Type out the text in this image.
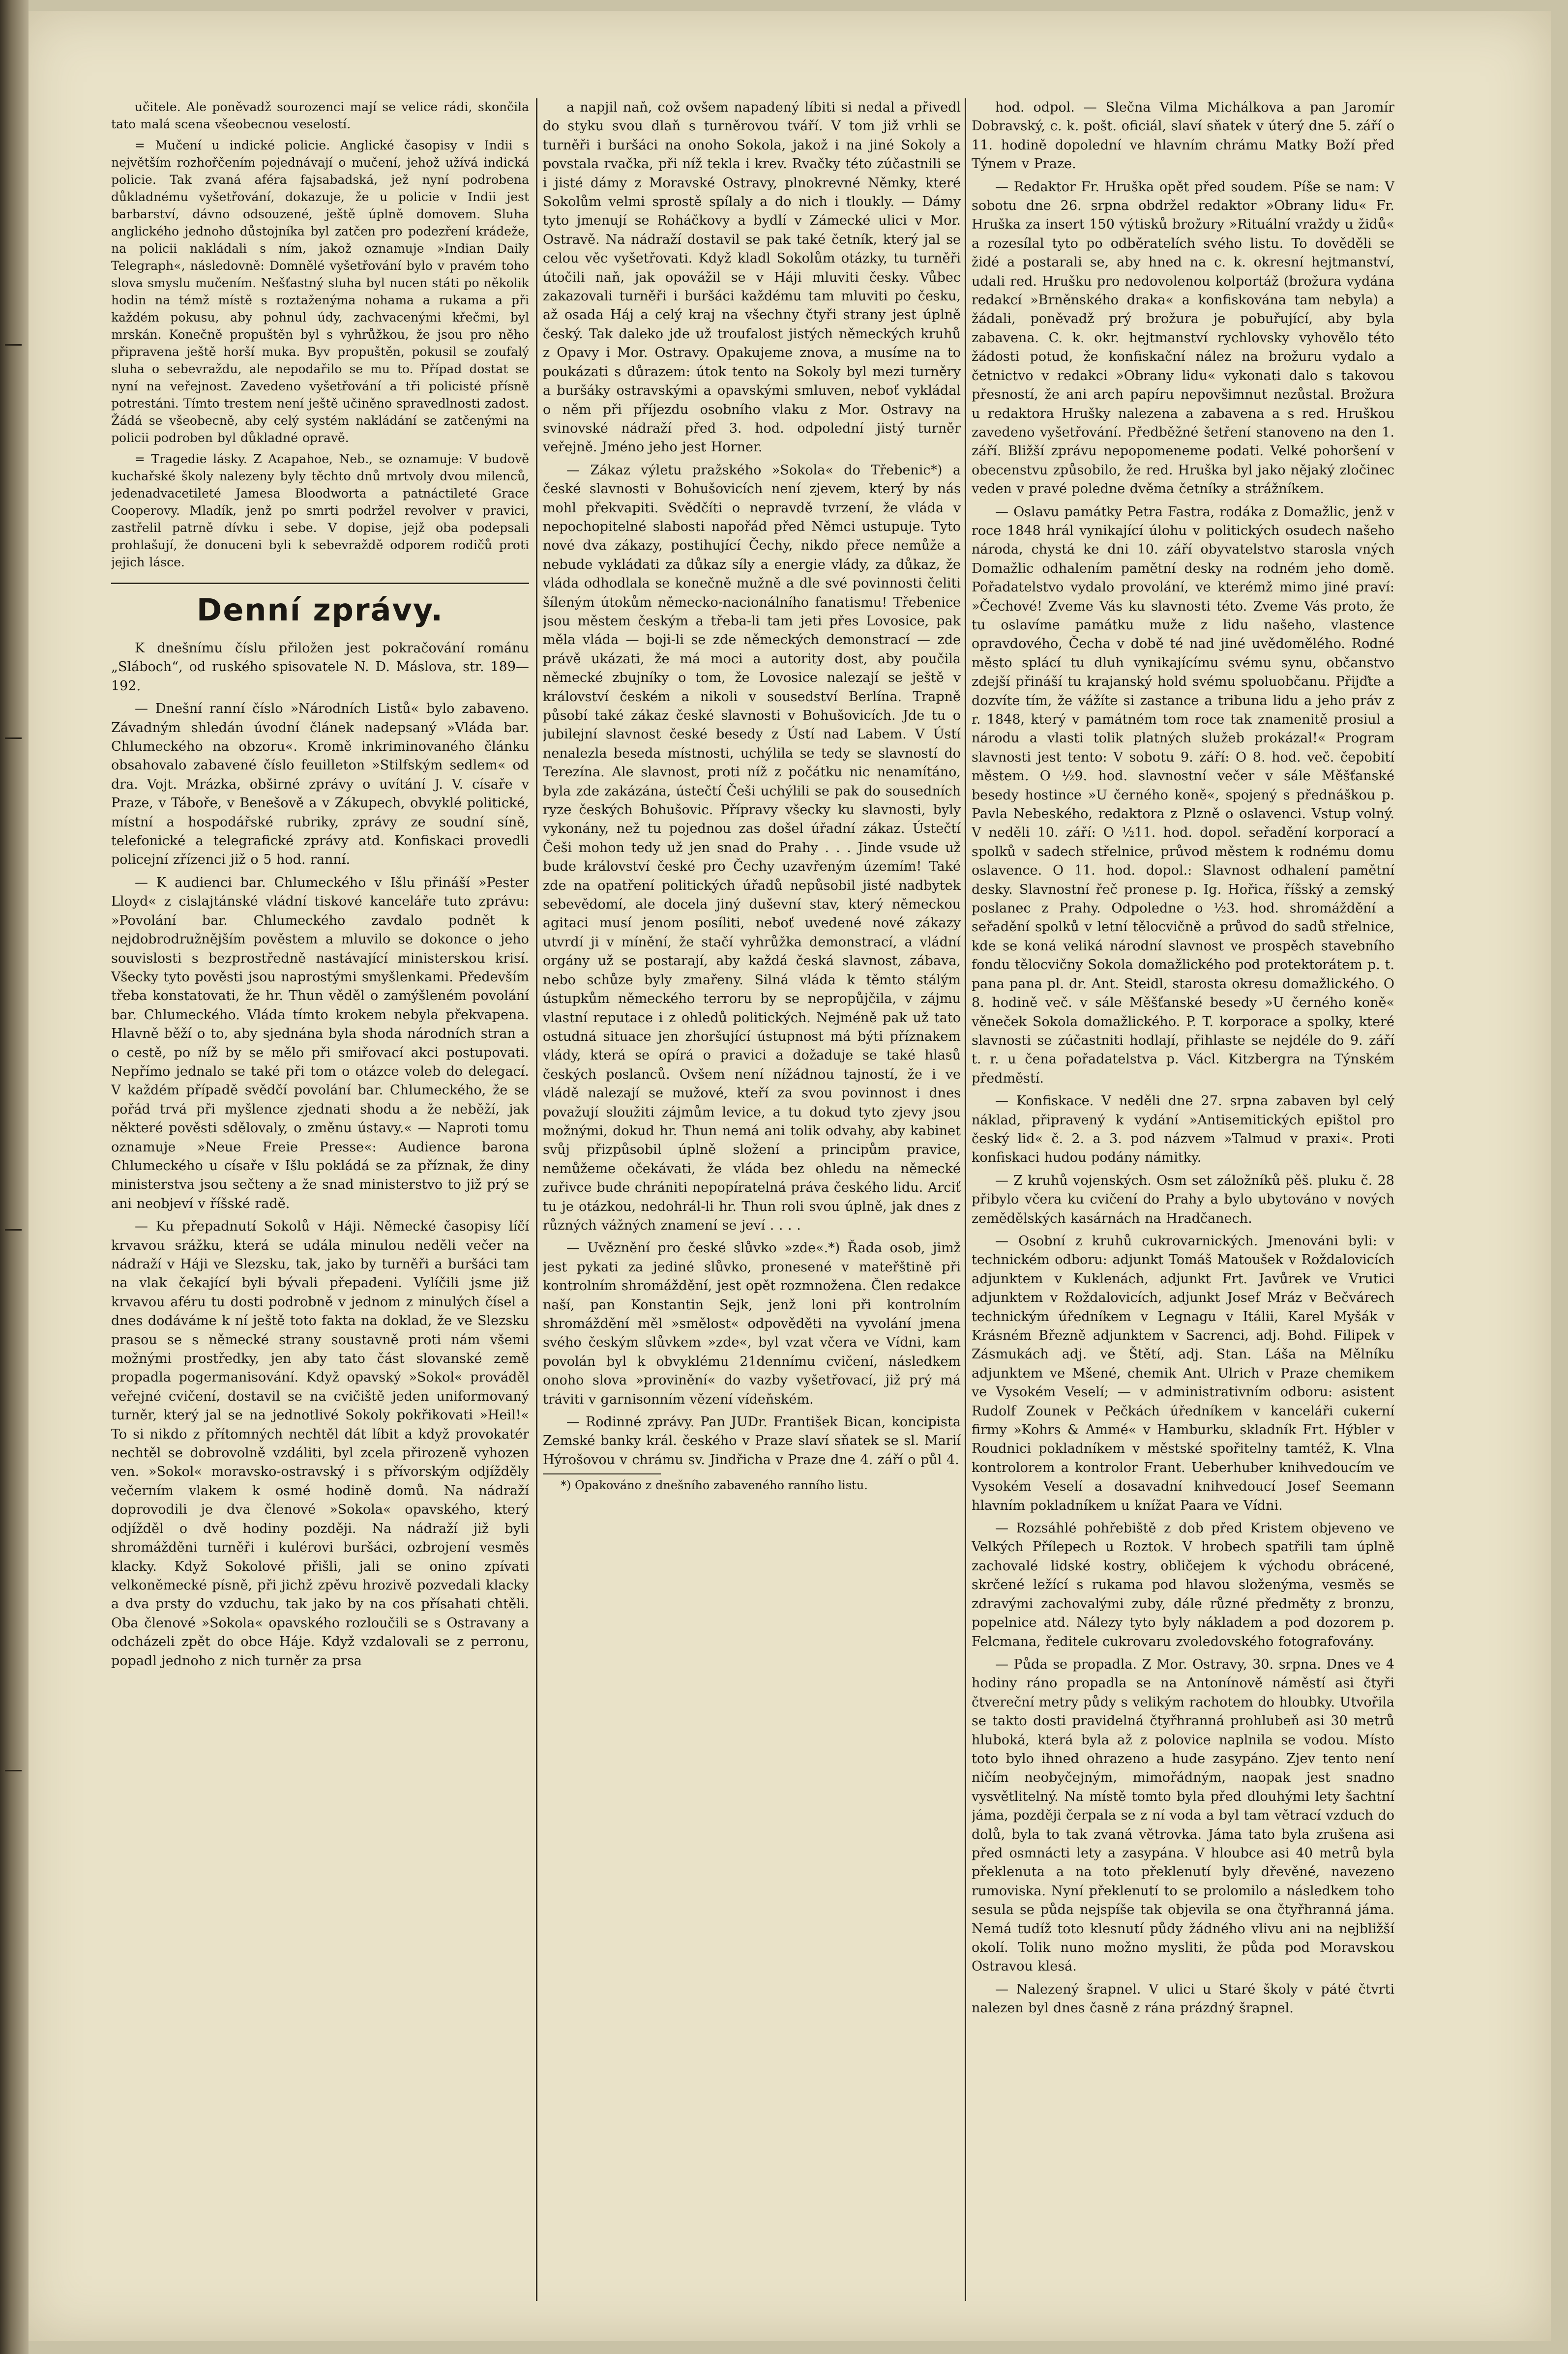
učitele. Ale poněvadž sourozenci mají se velice rádi, skončila tato malá scena všeobecnou veselostí.

= Mučení u indické policie. Anglické časopisy v Indii s největším rozhořčením pojednávají o mučení, jehož užívá indická policie. Tak zvaná aféra fajsabadská, jež nyní podrobena důkladnému vyšetřování, dokazuje, že u policie v Indii jest barbarství, dávno odsouzené, ještě úplně domovem. Sluha anglického jednoho důstojníka byl zatčen pro podezření krádeže, na policii nakládali s ním, jakož oznamuje »Indian Daily Telegraph«, následovně: Domnělé vyšetřování bylo v pravém toho slova smyslu mučením. Nešťastný sluha byl nucen státi po několik hodin na témž místě s roztaženýma nohama a rukama a při každém pokusu, aby pohnul údy, zachvacenými křečmi, byl mrskán. Konečně propuštěn byl s vyhrůžkou, že jsou pro něho připravena ještě horší muka. Byv propuštěn, pokusil se zoufalý sluha o sebevraždu, ale nepodařilo se mu to. Případ dostat se nyní na veřejnost. Zavedeno vyšetřování a tři policisté přísně potrestáni. Tímto trestem není ještě učiněno spravedlnosti zadost. Žádá se všeobecně, aby celý systém nakládání se zatčenými na policii podroben byl důkladné opravě.

= Tragedie lásky. Z Acapahoe, Neb., se oznamuje: V budově kuchařské školy nalezeny byly těchto dnů mrtvoly dvou milenců, jedenadvacetileté Jamesa Bloodworta a patnáctileté Grace Cooperovy. Mladík, jenž po smrti podržel revolver v pravici, zastřelil patrně dívku i sebe. V dopise, jejž oba podepsali prohlašují, že donuceni byli k sebevraždě odporem rodičů proti jejich lásce.

Denní zprávy.

K dnešnímu číslu přiložen jest pokračování románu „Sláboch“, od ruského spisovatele N. D. Máslova, str. 189—192.

— Dnešní ranní číslo »Národních Listů« bylo zabaveno. Závadným shledán úvodní článek nadepsaný »Vláda bar. Chlumeckého na obzoru«. Kromě inkriminovaného článku obsahovalo zabavené číslo feuilleton »Stilfským sedlem« od dra. Vojt. Mrázka, obširné zprávy o uvítání J. V. císaře v Praze, v Táboře, v Benešově a v Zákupech, obvyklé politické, místní a hospodářské rubriky, zprávy ze soudní síně, telefonické a telegrafické zprávy atd. Konfiskaci provedli policejní zřízenci již o 5 hod. ranní.

— K audienci bar. Chlumeckého v Išlu přináší »Pester Lloyd« z cislajtánské vládní tiskové kanceláře tuto zprávu: »Povolání bar. Chlumeckého zavdalo podnět k nejdobrodružnějším pověstem a mluvilo se dokonce o jeho souvislosti s bezprostředně nastávající ministerskou krisí. Všecky tyto pověsti jsou naprostými smyšlenkami. Především třeba konstatovati, že hr. Thun věděl o zamýšleném povolání bar. Chlumeckého. Vláda tímto krokem nebyla překvapena. Hlavně běží o to, aby sjednána byla shoda národních stran a o cestě, po níž by se mělo při smiřovací akci postupovati. Nepřímo jednalo se také při tom o otázce voleb do delegací. V každém případě svědčí povolání bar. Chlumeckého, že se pořád trvá při myšlence zjednati shodu a že neběží, jak některé pověsti sdělovaly, o změnu ústavy.« — Naproti tomu oznamuje »Neue Freie Presse«: Audience barona Chlumeckého u císaře v Išlu pokládá se za příznak, že diny ministerstva jsou sečteny a že snad ministerstvo to již prý se ani neobjeví v říšské radě.

— Ku přepadnutí Sokolů v Háji. Německé časopisy líčí krvavou srážku, která se udála minulou neděli večer na nádraží v Háji ve Slezsku, tak, jako by turněři a buršáci tam na vlak čekající byli bývali přepadeni. Vylíčili jsme již krvavou aféru tu dosti podrobně v jednom z minulých čísel a dnes dodáváme k ní ještě toto fakta na doklad, že ve Slezsku prasou se s německé strany soustavně proti nám všemi možnými prostředky, jen aby tato část slovanské země propadla pogermanisování. Když opavský »Sokol« prováděl veřejné cvičení, dostavil se na cvičiště jeden uniformovaný turněr, který jal se na jednotlivé Sokoly pokřikovati »Heil!« To si nikdo z přítomných nechtěl dát líbit a když provokatér nechtěl se dobrovolně vzdáliti, byl zcela přirozeně vyhozen ven. »Sokol« moravsko-ostravský i s přívorským odjížděly večerním vlakem k osmé hodině domů. Na nádraží doprovodili je dva členové »Sokola« opavského, který odjížděl o dvě hodiny později. Na nádraží již byli shromážděni turněři i kulérovi buršáci, ozbrojení vesměs klacky. Když Sokolové přišli, jali se onino zpívati velkoněmecké písně, při jichž zpěvu hrozivě pozvedali klacky a dva prsty do vzduchu, tak jako by na cos přísahati chtěli. Oba členové »Sokola« opavského rozloučili se s Ostravany a odcházeli zpět do obce Háje. Když vzdalovali se z perronu, popadl jednoho z nich turněr za prsa

a napjil naň, což ovšem napadený líbiti si nedal a přivedl do styku svou dlaň s turněrovou tváří. V tom již vrhli se turněři i buršáci na onoho Sokola, jakož i na jiné Sokoly a povstala rvačka, při níž tekla i krev. Rvačky této zúčastnili se i jisté dámy z Moravské Ostravy, plnokrevné Němky, které Sokolům velmi sprostě spílaly a do nich i tloukly. — Dámy tyto jmenují se Roháčkovy a bydlí v Zámecké ulici v Mor. Ostravě. Na nádraží dostavil se pak také četník, který jal se celou věc vyšetřovati. Když kladl Sokolům otázky, tu turněři útočili naň, jak opovážil se v Háji mluviti česky. Vůbec zakazovali turněři i buršáci každému tam mluviti po česku, až osada Háj a celý kraj na všechny čtyři strany jest úplně český. Tak daleko jde už troufalost jistých německých kruhů z Opavy i Mor. Ostravy. Opakujeme znova, a musíme na to poukázati s důrazem: útok tento na Sokoly byl mezi turněry a buršáky ostravskými a opavskými smluven, neboť vykládal o něm při příjezdu osobního vlaku z Mor. Ostravy na svinovské nádraží před 3. hod. odpolední jistý turněr veřejně. Jméno jeho jest Horner.

— Zákaz výletu pražského »Sokola« do Třebenic*) a české slavnosti v Bohušovicích není zjevem, který by nás mohl překvapiti. Svědčíti o nepravdě tvrzení, že vláda v nepochopitelné slabosti napořád před Němci ustupuje. Tyto nové dva zákazy, postihující Čechy, nikdo přece nemůže a nebude vykládati za důkaz síly a energie vlády, za důkaz, že vláda odhodlala se konečně mužně a dle své povinnosti čeliti šíleným útokům německo-nacionálního fanatismu! Třebenice jsou městem českým a třeba-li tam jeti přes Lovosice, pak měla vláda — boji-li se zde německých demonstrací — zde právě ukázati, že má moci a autority dost, aby poučila německé zbujníky o tom, že Lovosice nalezají se ještě v království českém a nikoli v sousedství Berlína. Trapně působí také zákaz české slavnosti v Bohušovicích. Jde tu o jubilejní slavnost české besedy z Ústí nad Labem. V Ústí nenalezla beseda místnosti, uchýlila se tedy se slavností do Terezína. Ale slavnost, proti níž z počátku nic nenamítáno, byla zde zakázána, ústečtí Češi uchýlili se pak do sousedních ryze českých Bohušovic. Přípravy všecky ku slavnosti, byly vykonány, než tu pojednou zas došel úřadní zákaz. Ústečtí Češi mohon tedy už jen snad do Prahy . . . Jinde vsude už bude království české pro Čechy uzavřeným územím! Také zde na opatření politických úřadů nepůsobil jisté nadbytek sebevědomí, ale docela jiný duševní stav, který německou agitaci musí jenom posíliti, neboť uvedené nové zákazy utvrdí ji v mínění, že stačí vyhrůžka demonstrací, a vládní orgány už se postarají, aby každá česká slavnost, zábava, nebo schůze byly zmařeny. Silná vláda k těmto stálým ústupkům německého terroru by se nepropůjčila, v zájmu vlastní reputace i z ohledů politických. Nejméně pak už tato ostudná situace jen zhoršující ústupnost má býti příznakem vlády, která se opírá o pravici a dožaduje se také hlasů českých poslanců. Ovšem není nížádnou tajností, že i ve vládě nalezají se mužové, kteří za svou povinnost i dnes považují sloužiti zájmům levice, a tu dokud tyto zjevy jsou možnými, dokud hr. Thun nemá ani tolik odvahy, aby kabinet svůj přizpůsobil úplně složení a principům pravice, nemůžeme očekávati, že vláda bez ohledu na německé zuřivce bude chrániti nepopíratelná práva českého lidu. Arciť tu je otázkou, nedohrál-li hr. Thun roli svou úplně, jak dnes z různých vážných znamení se jeví . . . .

— Uvěznění pro české slůvko »zde«.*) Řada osob, jimž jest pykati za jediné slůvko, pronesené v mateřštině při kontrolním shromáždění, jest opět rozmnožena. Člen redakce naší, pan Konstantin Sejk, jenž loni při kontrolním shromáždění měl »smělost« odpověděti na vyvolání jmena svého českým slůvkem »zde«, byl vzat včera ve Vídni, kam povolán byl k obvyklému 21dennímu cvičení, následkem onoho slova »provinění« do vazby vyšetřovací, již prý má tráviti v garnisonním vězení vídeňském.

— Rodinné zprávy. Pan JUDr. František Bican, koncipista Zemské banky král. českého v Praze slaví sňatek se sl. Marií Hýrošovou v chrámu sv. Jindřicha v Praze dne 4. září o půl 4.

*) Opakováno z dnešního zabaveného ranního listu.

hod. odpol. — Slečna Vilma Michálkova a pan Jaromír Dobravský, c. k. pošt. oficiál, slaví sňatek v úterý dne 5. září o 11. hodině dopolední ve hlavním chrámu Matky Boží před Týnem v Praze.

— Redaktor Fr. Hruška opět před soudem. Píše se nam: V sobotu dne 26. srpna obdržel redaktor »Obrany lidu« Fr. Hruška za insert 150 výtisků brožury »Rituální vraždy u židů« a rozesílal tyto po odběratelích svého listu. To dověděli se židé a postarali se, aby hned na c. k. okresní hejtmanství, udali red. Hrušku pro nedovolenou kolportáž (brožura vydána redakcí »Brněnského draka« a konfiskována tam nebyla) a žádali, poněvadž prý brožura je pobuřující, aby byla zabavena. C. k. okr. hejtmanství rychlovsky vyhovělo této žádosti potud, že konfiskační nález na brožuru vydalo a četnictvo v redakci »Obrany lidu« vykonati dalo s takovou přesností, že ani arch papíru nepovšimnut nezůstal. Brožura u redaktora Hrušky nalezena a zabavena a s red. Hruškou zavedeno vyšetřování. Předběžné šetření stanoveno na den 1. září. Bližší zprávu nepopomeneme podati. Velké pohoršení v obecenstvu způsobilo, že red. Hruška byl jako nějaký zločinec veden v pravé poledne dvěma četníky a strážníkem.

— Oslavu památky Petra Fastra, rodáka z Domažlic, jenž v roce 1848 hrál vynikající úlohu v politických osudech našeho národa, chystá ke dni 10. září obyvatelstvo starosla vných Domažlic odhalením pamětní desky na rodném jeho domě. Pořadatelstvo vydalo provolání, ve kterémž mimo jiné praví: »Čechové! Zveme Vás ku slavnosti této. Zveme Vás proto, že tu oslavíme památku muže z lidu našeho, vlastence opravdového, Čecha v době té nad jiné uvědomělého. Rodné město splácí tu dluh vynikajícímu svému synu, občanstvo zdejší přináší tu krajanský hold svému spoluobčanu. Přijďte a dozvíte tím, že vážíte si zastance a tribuna lidu a jeho práv z r. 1848, který v památném tom roce tak znamenitě prosiul a národu a vlasti tolik platných služeb prokázal!« Program slavnosti jest tento: V sobotu 9. září: O 8. hod. več. čepobití městem. O ½9. hod. slavnostní večer v sále Měšťanské besedy hostince »U černého koně«, spojený s přednáškou p. Pavla Nebeského, redaktora z Plzně o oslavenci. Vstup volný. V neděli 10. září: O ½11. hod. dopol. seřadění korporací a spolků v sadech střelnice, průvod městem k rodnému domu oslavence. O 11. hod. dopol.: Slavnost odhalení pamětní desky. Slavnostní řeč pronese p. Ig. Hořica, říšský a zemský poslanec z Prahy. Odpoledne o ½3. hod. shromáždění a seřadění spolků v letní tělocvičně a průvod do sadů střelnice, kde se koná veliká národní slavnost ve prospěch stavebního fondu tělocvičny Sokola domažlického pod protektorátem p. t. pana pana pl. dr. Ant. Steidl, starosta okresu domažlického. O 8. hodině več. v sále Měšťanské besedy »U černého koně« věneček Sokola domažlického. P. T. korporace a spolky, které slavnosti se zúčastniti hodlají, přihlaste se nejdéle do 9. září t. r. u čena pořadatelstva p. Václ. Kitzbergra na Týnském předměstí.

— Konfiskace. V neděli dne 27. srpna zabaven byl celý náklad, připravený k vydání »Antisemitických epištol pro český lid« č. 2. a 3. pod názvem »Talmud v praxi«. Proti konfiskaci hudou podány námitky.

— Z kruhů vojenských. Osm set záložníků pěš. pluku č. 28 přibylo včera ku cvičení do Prahy a bylo ubytováno v nových zemědělských kasárnách na Hradčanech.

— Osobní z kruhů cukrovarnických. Jmenováni byli: v technickém odboru: adjunkt Tomáš Matoušek v Roždalovicích adjunktem v Kuklenách, adjunkt Frt. Javůrek ve Vrutici adjunktem v Roždalovicích, adjunkt Josef Mráz v Bečvárech technickým úředníkem v Legnagu v Itálii, Karel Myšák v Krásném Březně adjunktem v Sacrenci, adj. Bohd. Filipek v Zásmukách adj. ve Štětí, adj. Stan. Láša na Mělníku adjunktem ve Mšené, chemik Ant. Ulrich v Praze chemikem ve Vysokém Veselí; — v administrativním odboru: asistent Rudolf Zounek v Pečkách úředníkem v kanceláři cukerní firmy »Kohrs & Ammé« v Hamburku, skladník Frt. Hýbler v Roudnici pokladníkem v městské spořitelny tamtéž, K. Vlna kontrolorem a kontrolor Frant. Ueberhuber knihvedoucím ve Vysokém Veselí a dosavadní knihvedoucí Josef Seemann hlavním pokladníkem u knížat Paara ve Vídni.

— Rozsáhlé pohřebiště z dob před Kristem objeveno ve Velkých Přílepech u Roztok. V hrobech spatřili tam úplně zachovalé lidské kostry, obličejem k východu obrácené, skrčené ležící s rukama pod hlavou složenýma, vesměs se zdravými zachovalými zuby, dále různé předměty z bronzu, popelnice atd. Nálezy tyto byly nákladem a pod dozorem p. Felcmana, ředitele cukrovaru zvoledovského fotografovány.

— Půda se propadla. Z Mor. Ostravy, 30. srpna. Dnes ve 4 hodiny ráno propadla se na Antonínově náměstí asi čtyři čtvereční metry půdy s velikým rachotem do hloubky. Utvořila se takto dosti pravidelná čtyřhranná prohlubeň asi 30 metrů hluboká, která byla až z polovice naplnila se vodou. Místo toto bylo ihned ohrazeno a hude zasypáno. Zjev tento není ničím neobyčejným, mimořádným, naopak jest snadno vysvětlitelný. Na místě tomto byla před dlouhými lety šachtní jáma, později čerpala se z ní voda a byl tam větrací vzduch do dolů, byla to tak zvaná větrovka. Jáma tato byla zrušena asi před osmnácti lety a zasypána. V hloubce asi 40 metrů byla překlenuta a na toto překlenutí byly dřevěné, navezeno rumoviska. Nyní překlenutí to se prolomilo a následkem toho sesula se půda nejspíše tak objevila se ona čtyřhranná jáma. Nemá tudíž toto klesnutí půdy žádného vlivu ani na nejbližší okolí. Tolik nuno možno mysliti, že půda pod Moravskou Ostravou klesá.

— Nalezený šrapnel. V ulici u Staré školy v páté čtvrti nalezen byl dnes časně z rána prázdný šrapnel.
